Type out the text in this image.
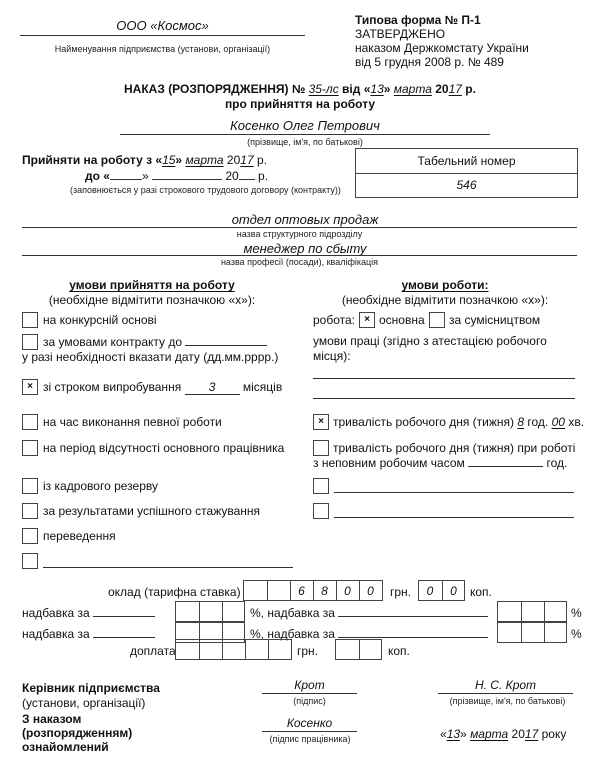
ООО «Космос»
Найменування підприємства (установи, організації)
Типова форма № П-1
ЗАТВЕРДЖЕНО
наказом Держкомстату України
від 5 грудня 2008 р. № 489
НАКАЗ (РОЗПОРЯДЖЕННЯ) № 35-лс від «13» марта 2017 р.
про прийняття на роботу
Косенко Олег Петрович
(прізвище, ім'я, по батькові)
Прийняти на роботу з «15» марта 2017 р.
до «	»	20 р.
(заповнюється у разі строкового трудового договору (контракту))
Табельний номер
546
отдел оптовых продаж
назва структурного підрозділу
менеджер по сбыту
назва професії (посади), кваліфікація
умови прийняття на роботу
(необхідне відмітити позначкою «х»):
на конкурсній основі
за умовами контракту до
у разі необхідності вказати дату (дд.мм.рррр.)
× зі строком випробування 3 місяців
на час виконання певної роботи
на період відсутності основного працівника
із кадрового резерву
за результатами успішного стажування
переведення
умови роботи:
(необхідне відмітити позначкою «х»):
робота: × основна за сумісництвом
умови праці (згідно з атестацією робочого
місця):
× тривалість робочого дня (тижня) 8 год. 00 хв.
тривалість робочого дня (тижня) при роботі
з неповним робочим часом	год.
оклад (тарифна ставка)	6	8	0	0	грн.	0	0	коп.
надбавка за	%, надбавка за	%
надбавка за	%, надбавка за	%
доплата	грн.	коп.
Керівник підприємства
(установи, організації)
Крот
(підпис)
Н. С. Крот
(прізвище, ім'я, по батькові)
З наказом
(розпорядженням)
ознайомлений
Косенко
(підпис працівника)	«13» марта 2017 року
